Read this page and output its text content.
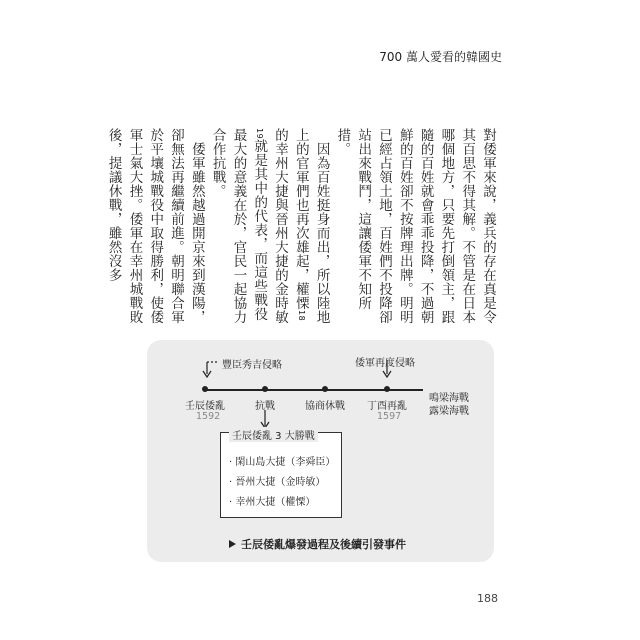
700 萬人愛看的韓國史

對倭軍來說，義兵的存在真是令其百思不得其解。不管是在日本哪個地方，只要先打倒領主，跟隨的百姓就會乖乖投降，不過朝鮮的百姓卻不按牌理出牌。明明已經占領土地，百姓們不投降卻站出來戰鬥，這讓倭軍不知所措。

　因為百姓挺身而出，所以陸地上的官軍們也再次雄起，權慄18的幸州大捷與晉州大捷的金時敏19就是其中的代表，而這些戰役最大的意義在於，官民一起協力合作抗戰。

　倭軍雖然越過開京來到漢陽，卻無法再繼續前進。朝明聯合軍於平壤城戰役中取得勝利，使倭軍士氣大挫。倭軍在幸州城戰敗後，提議休戰，雖然沒多

豐臣秀吉侵略	倭軍再度侵略
壬辰倭亂
1592
抗戰	協商休戰 丁酉再亂
1597
鳴梁海戰
露梁海戰
· 閑山島大捷（李舜臣）
· 晉州大捷（金時敏）
· 幸州大捷（權慄）
壬辰倭亂 3 大勝戰
壬辰倭亂爆發過程及後續引發事件
188
